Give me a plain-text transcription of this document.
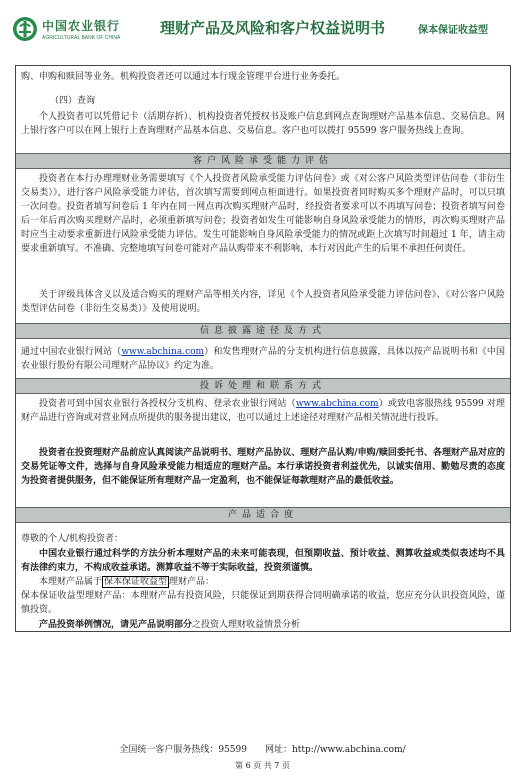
中国农业银行
AGRICULTURAL BANK OF CHINA
理财产品及风险和客户权益说明书	保本保证收益型

购、申购和赎回等业务。机构投资者还可以通过本行现金管理平台进行业务委托。

（四）查询

个人投资者可以凭借记卡（活期存折）、机构投资者凭授权书及账户信息到网点查询理财产品基本信息、交易信息。网上银行客户可以在网上银行上查询理财产品基本信息、交易信息。客户也可以拨打 95599 客户服务热线上查询。

客户风险承受能力评估

投资者在本行办理理财业务需要填写《个人投资者风险承受能力评估问卷》或《对公客户风险类型评估问卷（非衍生交易类）》，进行客户风险承受能力评估，首次填写需要到网点柜面进行。如果投资者同时购买多个理财产品时，可以只填一次问卷。投资者填写问卷后 1 年内在同一网点再次购买理财产品时，经投资者要求可以不再填写问卷；投资者填写问卷后一年后再次购买理财产品时，必须重新填写问卷；投资者如发生可能影响自身风险承受能力的情形，再次购买理财产品时应当主动要求重新进行风险承受能力评估。发生可能影响自身风险承受能力的情况或距上次填写时间超过 1 年，请主动要求重新填写。不准确、完整地填写问卷可能对产品认购带来不利影响，本行对因此产生的后果不承担任何责任。

关于评级具体含义以及适合购买的理财产品等相关内容，详见《个人投资者风险承受能力评估问卷》、《对公客户风险类型评估问卷（非衍生交易类）》及使用说明。

信息披露途径及方式

通过中国农业银行网站（www.abchina.com）和发售理财产品的分支机构进行信息披露，具体以按产品说明书和《中国农业银行股份有限公司理财产品协议》约定为准。

投诉处理和联系方式

投资者可到中国农业银行各授权分支机构、登录农业银行网站（www.abchina.com）或致电客服热线 95599 对理财产品进行咨询或对营业网点所提供的服务提出建议，也可以通过上述途径对理财产品相关情况进行投诉。

投资者在投资理财产品前应认真阅读产品说明书、理财产品协议、理财产品认购/申购/赎回委托书、各理财产品对应的交易凭证等文件，选择与自身风险承受能力相适应的理财产品。本行承诺投资者利益优先，以诚实信用、勤勉尽责的态度为投资者提供服务，但不能保证所有理财产品一定盈利，也不能保证每款理财产品的最低收益。

产品适合度

尊敬的个人/机构投资者：

中国农业银行通过科学的方法分析本理财产品的未来可能表现，但预期收益、预计收益、测算收益或类似表述均不具有法律约束力，不构成收益承诺。测算收益不等于实际收益，投资须谨慎。

本理财产品属于 保本保证收益型 理财产品：

保本保证收益型理财产品：本理财产品有投资风险，只能保证到期获得合同明确承诺的收益，您应充分认识投资风险，谨慎投资。

产品投资举例情况，请见产品说明部分之投资人理财收益情景分析

全国统一客户服务热线：95599　　网址：http://www.abchina.com/
第 6 页 共 7 页
